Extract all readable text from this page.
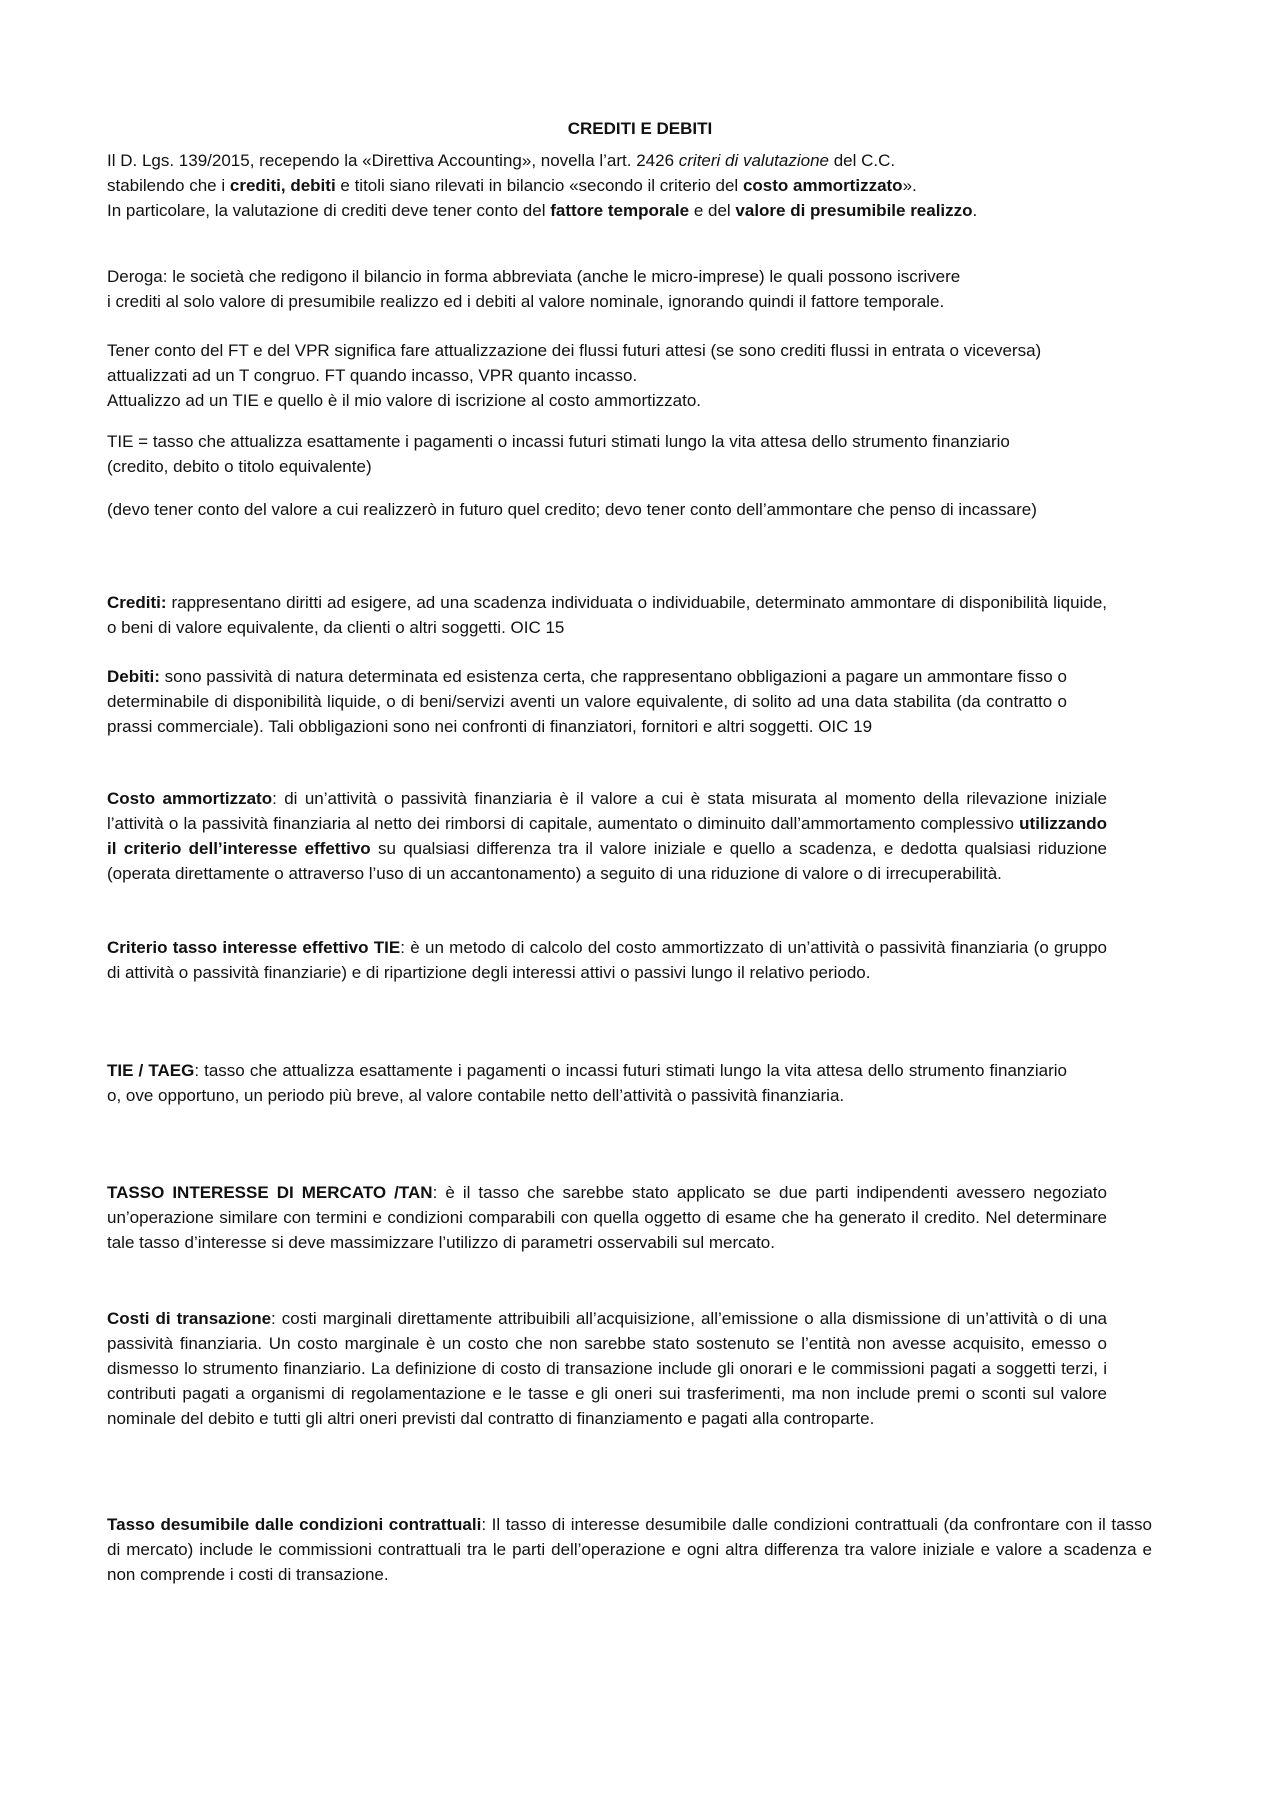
CREDITI E DEBITI
Il D. Lgs. 139/2015, recependo la «Direttiva Accounting», novella l’art. 2426 criteri di valutazione del C.C.
stabilendo che i crediti, debiti e titoli siano rilevati in bilancio «secondo il criterio del costo ammortizzato».
In particolare, la valutazione di crediti deve tener conto del fattore temporale e del valore di presumibile realizzo.
Deroga: le società che redigono il bilancio in forma abbreviata (anche le micro-imprese) le quali possono iscrivere
i crediti al solo valore di presumibile realizzo ed i debiti al valore nominale, ignorando quindi il fattore temporale.
Tener conto del FT e del VPR significa fare attualizzazione dei flussi futuri attesi (se sono crediti flussi in entrata o viceversa)
attualizzati ad un T congruo. FT quando incasso, VPR quanto incasso.
Attualizzo ad un TIE e quello è il mio valore di iscrizione al costo ammortizzato.
TIE = tasso che attualizza esattamente i pagamenti o incassi futuri stimati lungo la vita attesa dello strumento finanziario
(credito, debito o titolo equivalente)
(devo tener conto del valore a cui realizzerò in futuro quel credito; devo tener conto dell’ammontare che penso di incassare)
Crediti: rappresentano diritti ad esigere, ad una scadenza individuata o individuabile, determinato ammontare di disponibilità liquide, o beni di valore equivalente, da clienti o altri soggetti. OIC 15
Debiti: sono passività di natura determinata ed esistenza certa, che rappresentano obbligazioni a pagare un ammontare fisso o determinabile di disponibilità liquide, o di beni/servizi aventi un valore equivalente, di solito ad una data stabilita (da contratto o prassi commerciale). Tali obbligazioni sono nei confronti di finanziatori, fornitori e altri soggetti. OIC 19
Costo ammortizzato: di un’attività o passività finanziaria è il valore a cui è stata misurata al momento della rilevazione iniziale l’attività o la passività finanziaria al netto dei rimborsi di capitale, aumentato o diminuito dall’ammortamento complessivo utilizzando il criterio dell’interesse effettivo su qualsiasi differenza tra il valore iniziale e quello a scadenza, e dedotta qualsiasi riduzione (operata direttamente o attraverso l’uso di un accantonamento) a seguito di una riduzione di valore o di irrecuperabilità.
Criterio tasso interesse effettivo TIE: è un metodo di calcolo del costo ammortizzato di un’attività o passività finanziaria (o gruppo di attività o passività finanziarie) e di ripartizione degli interessi attivi o passivi lungo il relativo periodo.
TIE / TAEG: tasso che attualizza esattamente i pagamenti o incassi futuri stimati lungo la vita attesa dello strumento finanziario o, ove opportuno, un periodo più breve, al valore contabile netto dell’attività o passività finanziaria.
TASSO INTERESSE DI MERCATO /TAN: è il tasso che sarebbe stato applicato se due parti indipendenti avessero negoziato un’operazione similare con termini e condizioni comparabili con quella oggetto di esame che ha generato il credito. Nel determinare tale tasso d’interesse si deve massimizzare l’utilizzo di parametri osservabili sul mercato.
Costi di transazione: costi marginali direttamente attribuibili all’acquisizione, all’emissione o alla dismissione di un’attività o di una passività finanziaria. Un costo marginale è un costo che non sarebbe stato sostenuto se l’entità non avesse acquisito, emesso o dismesso lo strumento finanziario. La definizione di costo di transazione include gli onorari e le commissioni pagati a soggetti terzi, i contributi pagati a organismi di regolamentazione e le tasse e gli oneri sui trasferimenti, ma non include premi o sconti sul valore nominale del debito e tutti gli altri oneri previsti dal contratto di finanziamento e pagati alla controparte.
Tasso desumibile dalle condizioni contrattuali: Il tasso di interesse desumibile dalle condizioni contrattuali (da confrontare con il tasso di mercato) include le commissioni contrattuali tra le parti dell’operazione e ogni altra differenza tra valore iniziale e valore a scadenza e non comprende i costi di transazione.
